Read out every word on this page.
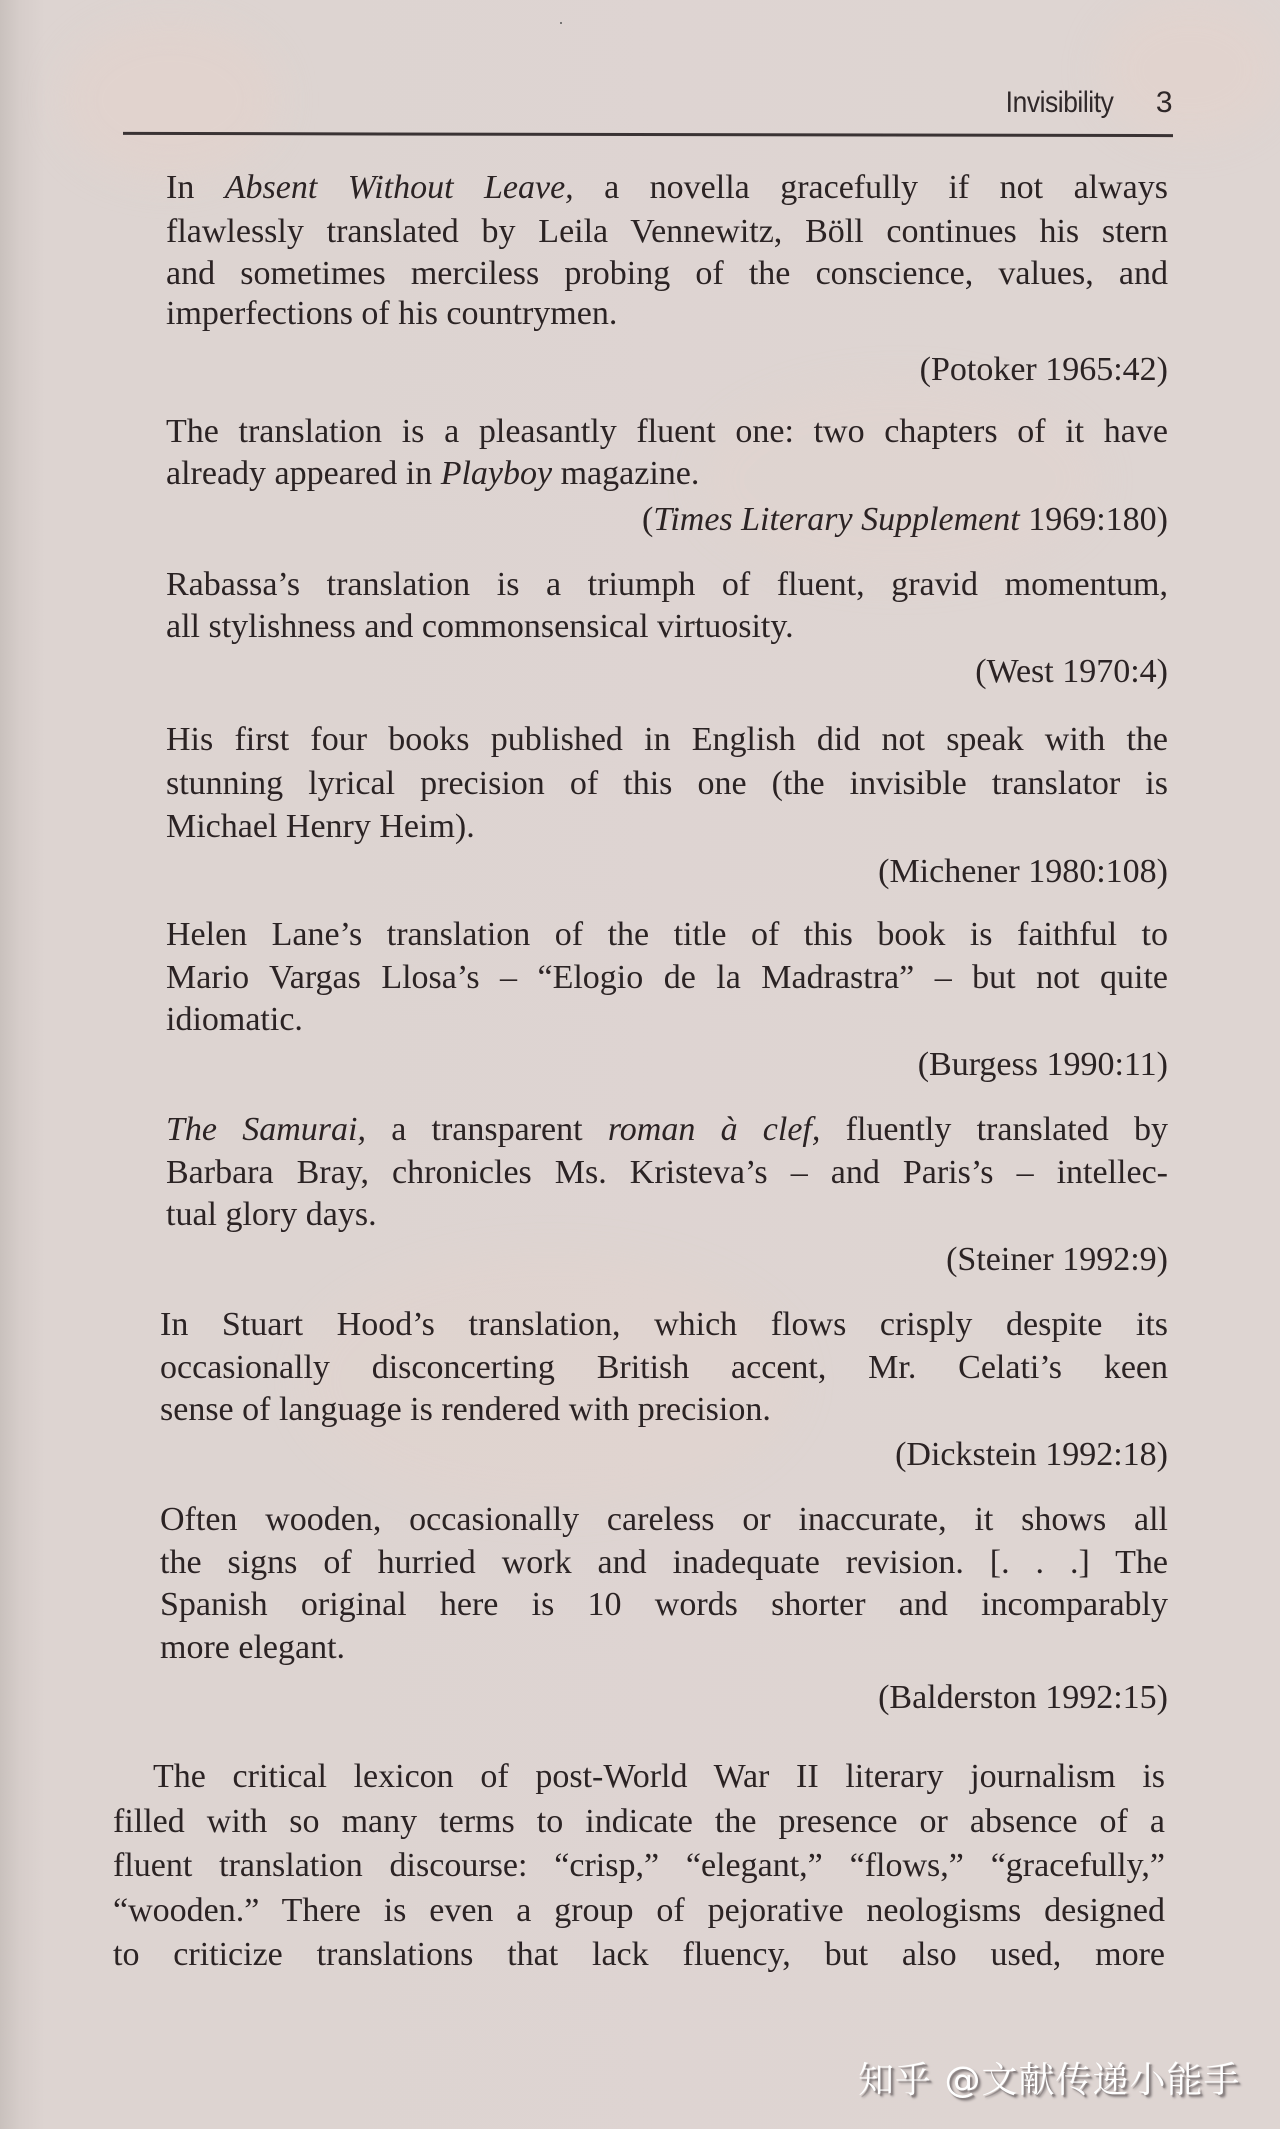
Invisibility 3
In Absent Without Leave, a novella gracefully if not always
flawlessly translated by Leila Vennewitz, Böll continues his stern
and sometimes merciless probing of the conscience, values, and
imperfections of his countrymen.
(Potoker 1965:42)
The translation is a pleasantly fluent one: two chapters of it have
already appeared in Playboy magazine.
(Times Literary Supplement 1969:180)
Rabassa’s translation is a triumph of fluent, gravid momentum,
all stylishness and commonsensical virtuosity.
(West 1970:4)
His first four books published in English did not speak with the
stunning lyrical precision of this one (the invisible translator is
Michael Henry Heim).
(Michener 1980:108)
Helen Lane’s translation of the title of this book is faithful to
Mario Vargas Llosa’s – “Elogio de la Madrastra” – but not quite
idiomatic.
(Burgess 1990:11)
The Samurai, a transparent roman à clef, fluently translated by
Barbara Bray, chronicles Ms. Kristeva’s – and Paris’s – intellec-
tual glory days.
(Steiner 1992:9)
In Stuart Hood’s translation, which flows crisply despite its
occasionally disconcerting British accent, Mr. Celati’s keen
sense of language is rendered with precision.
(Dickstein 1992:18)
Often wooden, occasionally careless or inaccurate, it shows all
the signs of hurried work and inadequate revision. [. . .] The
Spanish original here is 10 words shorter and incomparably
more elegant.
(Balderston 1992:15)
The critical lexicon of post-World War II literary journalism is
filled with so many terms to indicate the presence or absence of a
fluent translation discourse: “crisp,” “elegant,” “flows,” “gracefully,”
“wooden.” There is even a group of pejorative neologisms designed
to criticize translations that lack fluency, but also used, more
知乎 @文献传递小能手
